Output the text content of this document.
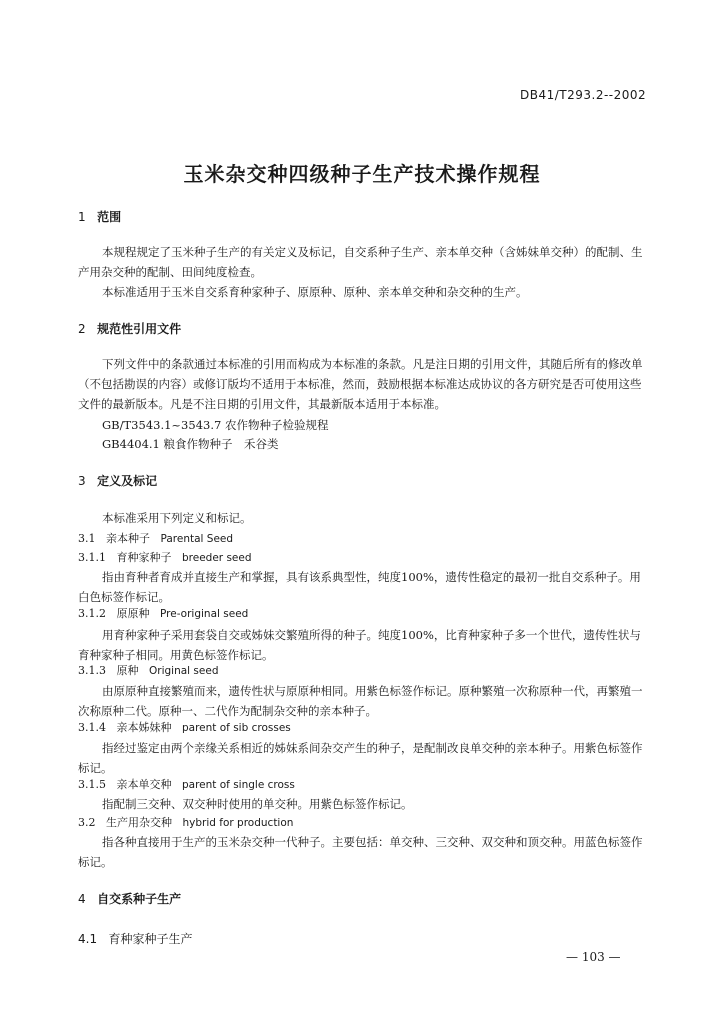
DB41/T293.2--2002
玉米杂交种四级种子生产技术操作规程
1 范围
本规程规定了玉米种子生产的有关定义及标记，自交系种子生产、亲本单交种（含姊妹单交种）的配制、生产用杂交种的配制、田间纯度检查。
本标准适用于玉米自交系育种家种子、原原种、原种、亲本单交种和杂交种的生产。
2 规范性引用文件
下列文件中的条款通过本标准的引用而构成为本标准的条款。凡是注日期的引用文件，其随后所有的修改单（不包括勘误的内容）或修订版均不适用于本标准，然而，鼓励根据本标准达成协议的各方研究是否可使用这些文件的最新版本。凡是不注日期的引用文件，其最新版本适用于本标准。
GB/T3543.1~3543.7 农作物种子检验规程
GB4404.1 粮食作物种子　禾谷类
3 定义及标记
本标准采用下列定义和标记。
3.1 亲本种子 Parental Seed
3.1.1 育种家种子 breeder seed
指由育种者育成并直接生产和掌握，具有该系典型性，纯度100%，遗传性稳定的最初一批自交系种子。用白色标签作标记。
3.1.2 原原种 Pre-original seed
用育种家种子采用套袋自交或姊妹交繁殖所得的种子。纯度100%，比育种家种子多一个世代，遗传性状与育种家种子相同。用黄色标签作标记。
3.1.3 原种 Original seed
由原原种直接繁殖而来，遗传性状与原原种相同。用紫色标签作标记。原种繁殖一次称原种一代，再繁殖一次称原种二代。原种一、二代作为配制杂交种的亲本种子。
3.1.4 亲本姊妹种 parent of sib crosses
指经过鉴定由两个亲缘关系相近的姊妹系间杂交产生的种子，是配制改良单交种的亲本种子。用紫色标签作标记。
3.1.5 亲本单交种 parent of single cross
指配制三交种、双交种时使用的单交种。用紫色标签作标记。
3.2 生产用杂交种 hybrid for production
指各种直接用于生产的玉米杂交种一代种子。主要包括：单交种、三交种、双交种和顶交种。用蓝色标签作标记。
4 自交系种子生产
4.1 育种家种子生产
— 103 —
